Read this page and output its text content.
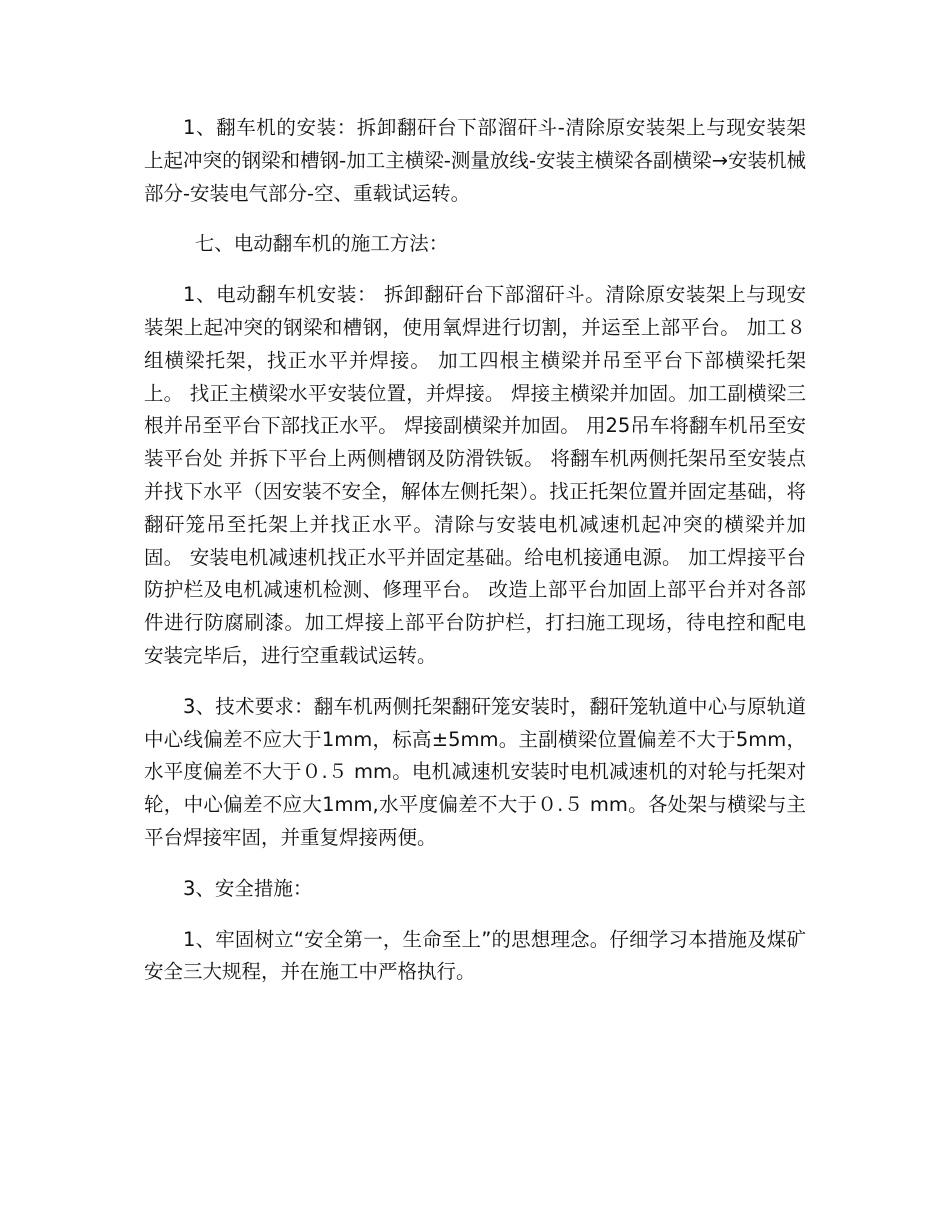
1、翻车机的安装：拆卸翻矸台下部溜矸斗-清除原安装架上与现安装架上起冲突的钢梁和槽钢-加工主横梁-测量放线-安装主横梁各副横梁→安装机械部分-安装电气部分-空、重载试运转。

七、电动翻车机的施工方法：

1、电动翻车机安装： 拆卸翻矸台下部溜矸斗。清除原安装架上与现安装架上起冲突的钢梁和槽钢，使用氧焊进行切割，并运至上部平台。 加工８组横梁托架，找正水平并焊接。 加工四根主横梁并吊至平台下部横梁托架上。 找正主横梁水平安装位置，并焊接。 焊接主横梁并加固。加工副横梁三根并吊至平台下部找正水平。 焊接副横梁并加固。 用25吊车将翻车机吊至安装平台处 并拆下平台上两侧槽钢及防滑铁钣。 将翻车机两侧托架吊至安装点并找下水平（因安装不安全，解体左侧托架）。找正托架位置并固定基础，将翻矸笼吊至托架上并找正水平。清除与安装电机减速机起冲突的横梁并加固。 安装电机减速机找正水平并固定基础。给电机接通电源。 加工焊接平台防护栏及电机减速机检测、修理平台。 改造上部平台加固上部平台并对各部件进行防腐刷漆。加工焊接上部平台防护栏，打扫施工现场，待电控和配电安装完毕后，进行空重载试运转。

3、技术要求：翻车机两侧托架翻矸笼安装时，翻矸笼轨道中心与原轨道中心线偏差不应大于1mm，标高±5mm。主副横梁位置偏差不大于5mm，水平度偏差不大于０.５ mm。电机减速机安装时电机减速机的对轮与托架对轮，中心偏差不应大1mm,水平度偏差不大于０.５ mm。各处架与横梁与主平台焊接牢固，并重复焊接两便。

3、安全措施：

1、牢固树立“安全第一，生命至上”的思想理念。仔细学习本措施及煤矿安全三大规程，并在施工中严格执行。
